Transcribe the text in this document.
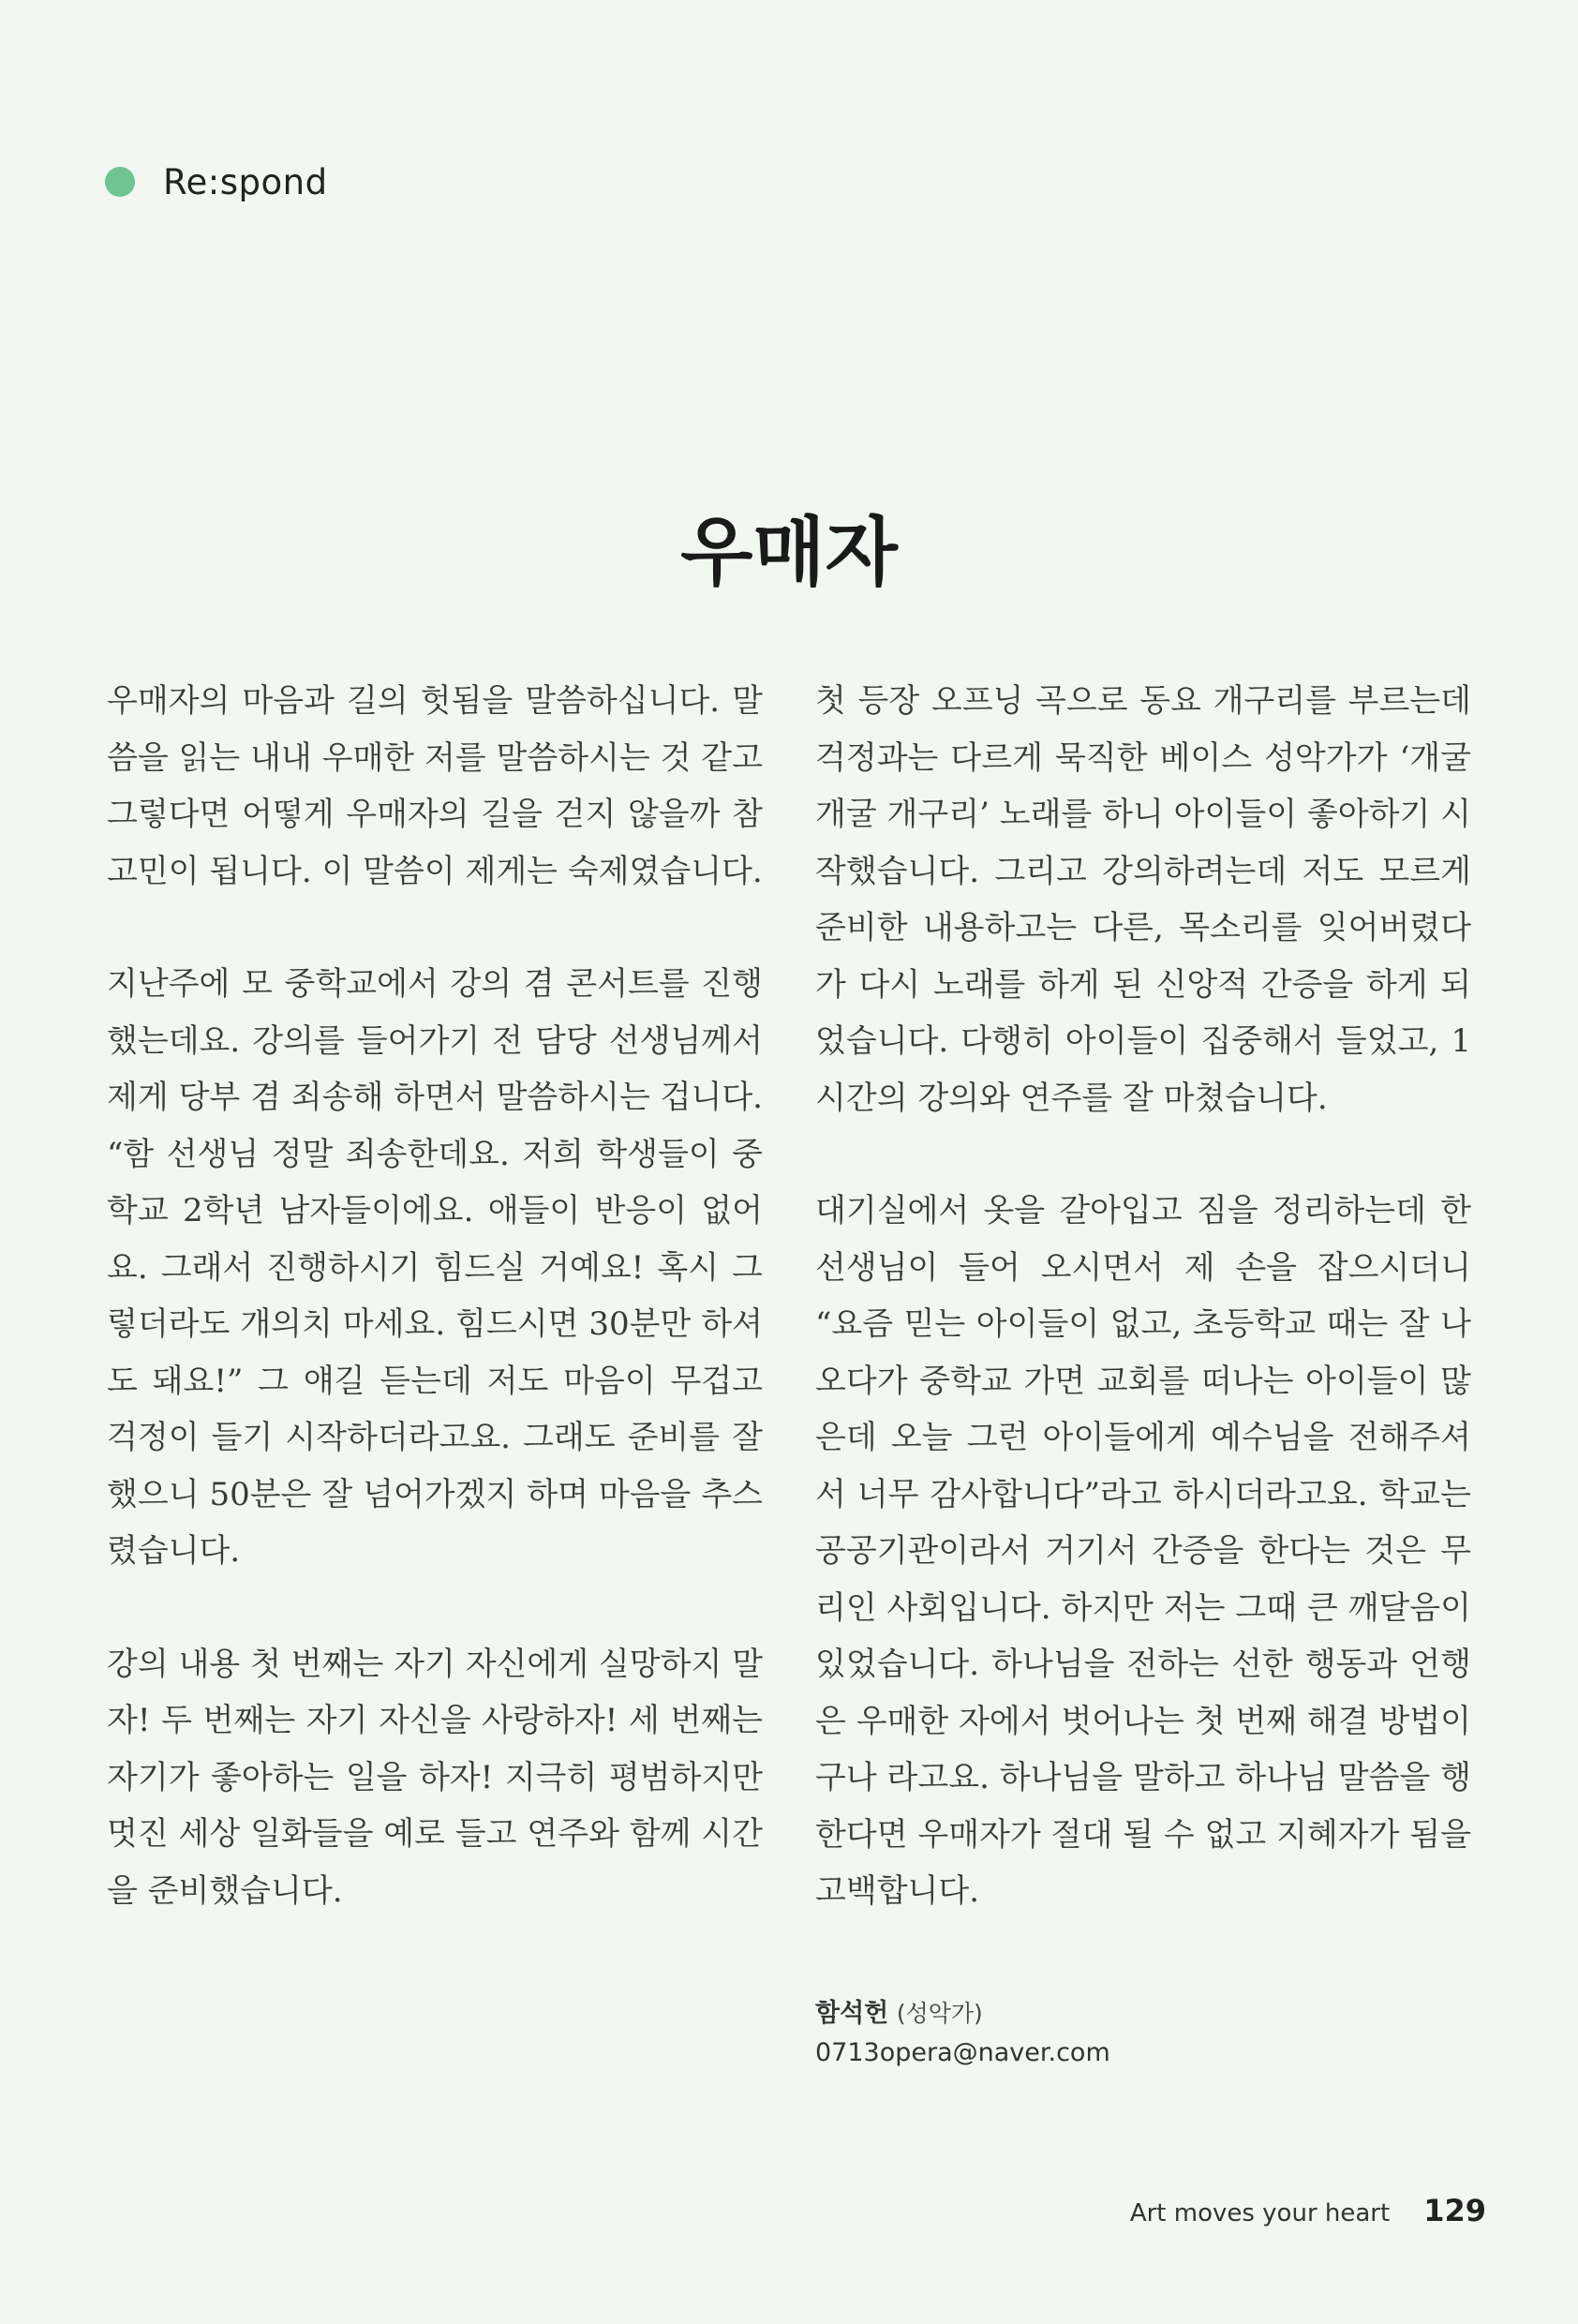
Re:spond
우매자

우매자의 마음과 길의 헛됨을 말씀하십니다. 말씀을 읽는 내내 우매한 저를 말씀하시는 것 같고 그렇다면 어떻게 우매자의 길을 걷지 않을까 참 고민이 됩니다. 이 말씀이 제게는 숙제였습니다.

지난주에 모 중학교에서 강의 겸 콘서트를 진행했는데요. 강의를 들어가기 전 담당 선생님께서 제게 당부 겸 죄송해 하면서 말씀하시는 겁니다. “함 선생님 정말 죄송한데요. 저희 학생들이 중학교 2학년 남자들이에요. 애들이 반응이 없어요. 그래서 진행하시기 힘드실 거예요! 혹시 그렇더라도 개의치 마세요. 힘드시면 30분만 하셔도 돼요!” 그 얘길 듣는데 저도 마음이 무겁고 걱정이 들기 시작하더라고요. 그래도 준비를 잘 했으니 50분은 잘 넘어가겠지 하며 마음을 추스렸습니다.

강의 내용 첫 번째는 자기 자신에게 실망하지 말자! 두 번째는 자기 자신을 사랑하자! 세 번째는 자기가 좋아하는 일을 하자! 지극히 평범하지만 멋진 세상 일화들을 예로 들고 연주와 함께 시간을 준비했습니다.

첫 등장 오프닝 곡으로 동요 개구리를 부르는데 걱정과는 다르게 묵직한 베이스 성악가가 ‘개굴 개굴 개구리’ 노래를 하니 아이들이 좋아하기 시작했습니다. 그리고 강의하려는데 저도 모르게 준비한 내용하고는 다른, 목소리를 잊어버렸다가 다시 노래를 하게 된 신앙적 간증을 하게 되었습니다. 다행히 아이들이 집중해서 들었고, 1시간의 강의와 연주를 잘 마쳤습니다.

대기실에서 옷을 갈아입고 짐을 정리하는데 한 선생님이 들어 오시면서 제 손을 잡으시더니 “요즘 믿는 아이들이 없고, 초등학교 때는 잘 나오다가 중학교 가면 교회를 떠나는 아이들이 많은데 오늘 그런 아이들에게 예수님을 전해주셔서 너무 감사합니다”라고 하시더라고요. 학교는 공공기관이라서 거기서 간증을 한다는 것은 무리인 사회입니다. 하지만 저는 그때 큰 깨달음이 있었습니다. 하나님을 전하는 선한 행동과 언행은 우매한 자에서 벗어나는 첫 번째 해결 방법이구나 라고요. 하나님을 말하고 하나님 말씀을 행한다면 우매자가 절대 될 수 없고 지혜자가 됨을 고백합니다.

함석헌 (성악가)
0713opera@naver.com
Art moves your heart 129
